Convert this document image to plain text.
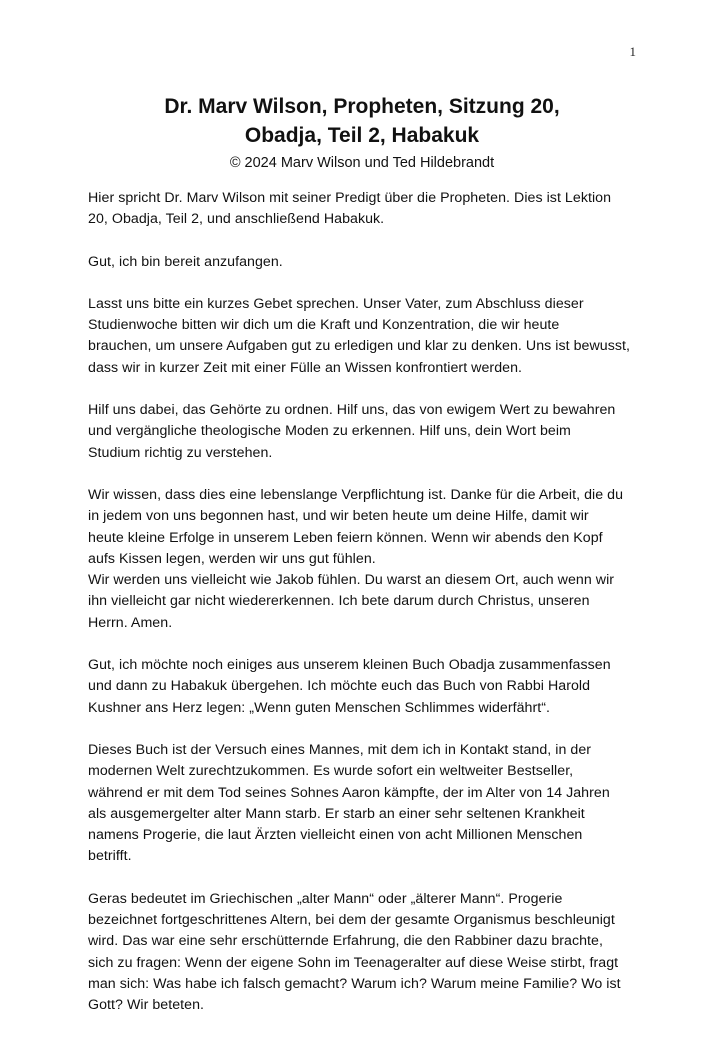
1
Dr. Marv Wilson, Propheten, Sitzung 20,
Obadja, Teil 2, Habakuk
© 2024 Marv Wilson und Ted Hildebrandt

Hier spricht Dr. Marv Wilson mit seiner Predigt über die Propheten. Dies ist Lektion
20, Obadja, Teil 2, und anschließend Habakuk.

Gut, ich bin bereit anzufangen.

Lasst uns bitte ein kurzes Gebet sprechen. Unser Vater, zum Abschluss dieser
Studienwoche bitten wir dich um die Kraft und Konzentration, die wir heute
brauchen, um unsere Aufgaben gut zu erledigen und klar zu denken. Uns ist bewusst,
dass wir in kurzer Zeit mit einer Fülle an Wissen konfrontiert werden.

Hilf uns dabei, das Gehörte zu ordnen. Hilf uns, das von ewigem Wert zu bewahren
und vergängliche theologische Moden zu erkennen. Hilf uns, dein Wort beim
Studium richtig zu verstehen.

Wir wissen, dass dies eine lebenslange Verpflichtung ist. Danke für die Arbeit, die du
in jedem von uns begonnen hast, und wir beten heute um deine Hilfe, damit wir
heute kleine Erfolge in unserem Leben feiern können. Wenn wir abends den Kopf
aufs Kissen legen, werden wir uns gut fühlen.

Wir werden uns vielleicht wie Jakob fühlen. Du warst an diesem Ort, auch wenn wir
ihn vielleicht gar nicht wiedererkennen. Ich bete darum durch Christus, unseren
Herrn. Amen.

Gut, ich möchte noch einiges aus unserem kleinen Buch Obadja zusammenfassen
und dann zu Habakuk übergehen. Ich möchte euch das Buch von Rabbi Harold
Kushner ans Herz legen: „Wenn guten Menschen Schlimmes widerfährt“.

Dieses Buch ist der Versuch eines Mannes, mit dem ich in Kontakt stand, in der
modernen Welt zurechtzukommen. Es wurde sofort ein weltweiter Bestseller,
während er mit dem Tod seines Sohnes Aaron kämpfte, der im Alter von 14 Jahren
als ausgemergelter alter Mann starb. Er starb an einer sehr seltenen Krankheit
namens Progerie, die laut Ärzten vielleicht einen von acht Millionen Menschen
betrifft.

Geras bedeutet im Griechischen „alter Mann“ oder „älterer Mann“. Progerie
bezeichnet fortgeschrittenes Altern, bei dem der gesamte Organismus beschleunigt
wird. Das war eine sehr erschütternde Erfahrung, die den Rabbiner dazu brachte,
sich zu fragen: Wenn der eigene Sohn im Teenageralter auf diese Weise stirbt, fragt
man sich: Was habe ich falsch gemacht? Warum ich? Warum meine Familie? Wo ist
Gott? Wir beteten.
